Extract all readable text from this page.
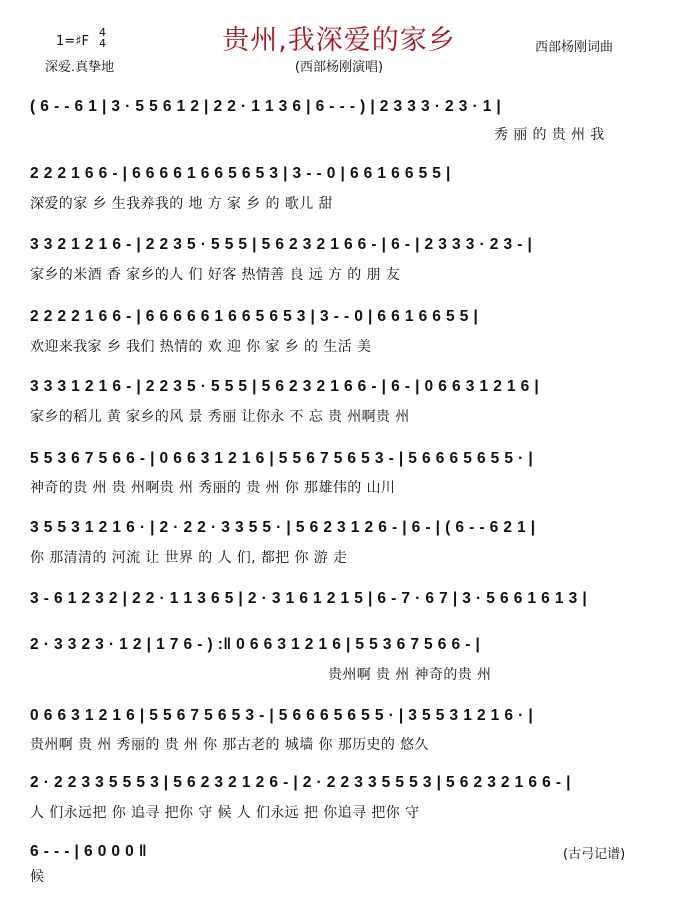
贵州,我深爱的家乡
(西部杨刚演唱)
1=♯F
4
4
深爱.真挚地
西部杨刚词曲
( 6 - - 6 1 | 3 · 5 5 6 1 2 | 2 2 · 1 1 3 6 | 6 - - - ) | 2 3 3 3 · 2 3 · 1 |
秀 丽 的 贵 州 我
2 2 2 1 6 6 - | 6 6 6 6 1 6 6 5 6 5 3 | 3 - - 0 | 6 6 1 6 6 5 5 |
深爱的家 乡 生我养我的 地 方 家 乡 的 歌儿 甜
3 3 2 1 2 1 6 - | 2 2 3 5 · 5 5 5 | 5 6 2 3 2 1 6 6 - | 6 - | 2 3 3 3 · 2 3 - |
家乡的米酒 香 家乡的人 们 好客 热情善 良 远 方 的 朋 友
2 2 2 2 1 6 6 - | 6 6 6 6 6 1 6 6 5 6 5 3 | 3 - - 0 | 6 6 1 6 6 5 5 |
欢迎来我家 乡 我们 热情的 欢 迎 你 家 乡 的 生活 美
3 3 3 1 2 1 6 - | 2 2 3 5 · 5 5 5 | 5 6 2 3 2 1 6 6 - | 6 - | 0 6 6 3 1 2 1 6 |
家乡的稻儿 黄 家乡的风 景 秀丽 让你永 不 忘 贵 州啊贵 州
5 5 3 6 7 5 6 6 - | 0 6 6 3 1 2 1 6 | 5 5 6 7 5 6 5 3 - | 5 6 6 6 5 6 5 5 · |
神奇的贵 州 贵 州啊贵 州 秀丽的 贵 州 你 那雄伟的 山川
3 5 5 3 1 2 1 6 · | 2 · 2 2 · 3 3 5 5 · | 5 6 2 3 1 2 6 - | 6 - | ( 6 - - 6 2 1 |
你 那清清的 河流 让 世界 的 人 们, 都把 你 游 走
3 - 6 1 2 3 2 | 2 2 · 1 1 3 6 5 | 2 · 3 1 6 1 2 1 5 | 6 - 7 · 6 7 | 3 · 5 6 6 1 6 1 3 |
2 · 3 3 2 3 · 1 2 | 1 7 6 - ) :‖ 0 6 6 3 1 2 1 6 | 5 5 3 6 7 5 6 6 - |
贵州啊 贵 州 神奇的贵 州
0 6 6 3 1 2 1 6 | 5 5 6 7 5 6 5 3 - | 5 6 6 6 5 6 5 5 · | 3 5 5 3 1 2 1 6 · |
贵州啊 贵 州 秀丽的 贵 州 你 那古老的 城墙 你 那历史的 悠久
2 · 2 2 3 3 5 5 5 3 | 5 6 2 3 2 1 2 6 - | 2 · 2 2 3 3 5 5 5 3 | 5 6 2 3 2 1 6 6 - |
人 们永远把 你 追寻 把你 守 候 人 们永远 把 你追寻 把你 守
6 - - - | 6 0 0 0 ‖
候
(古弓记谱)
